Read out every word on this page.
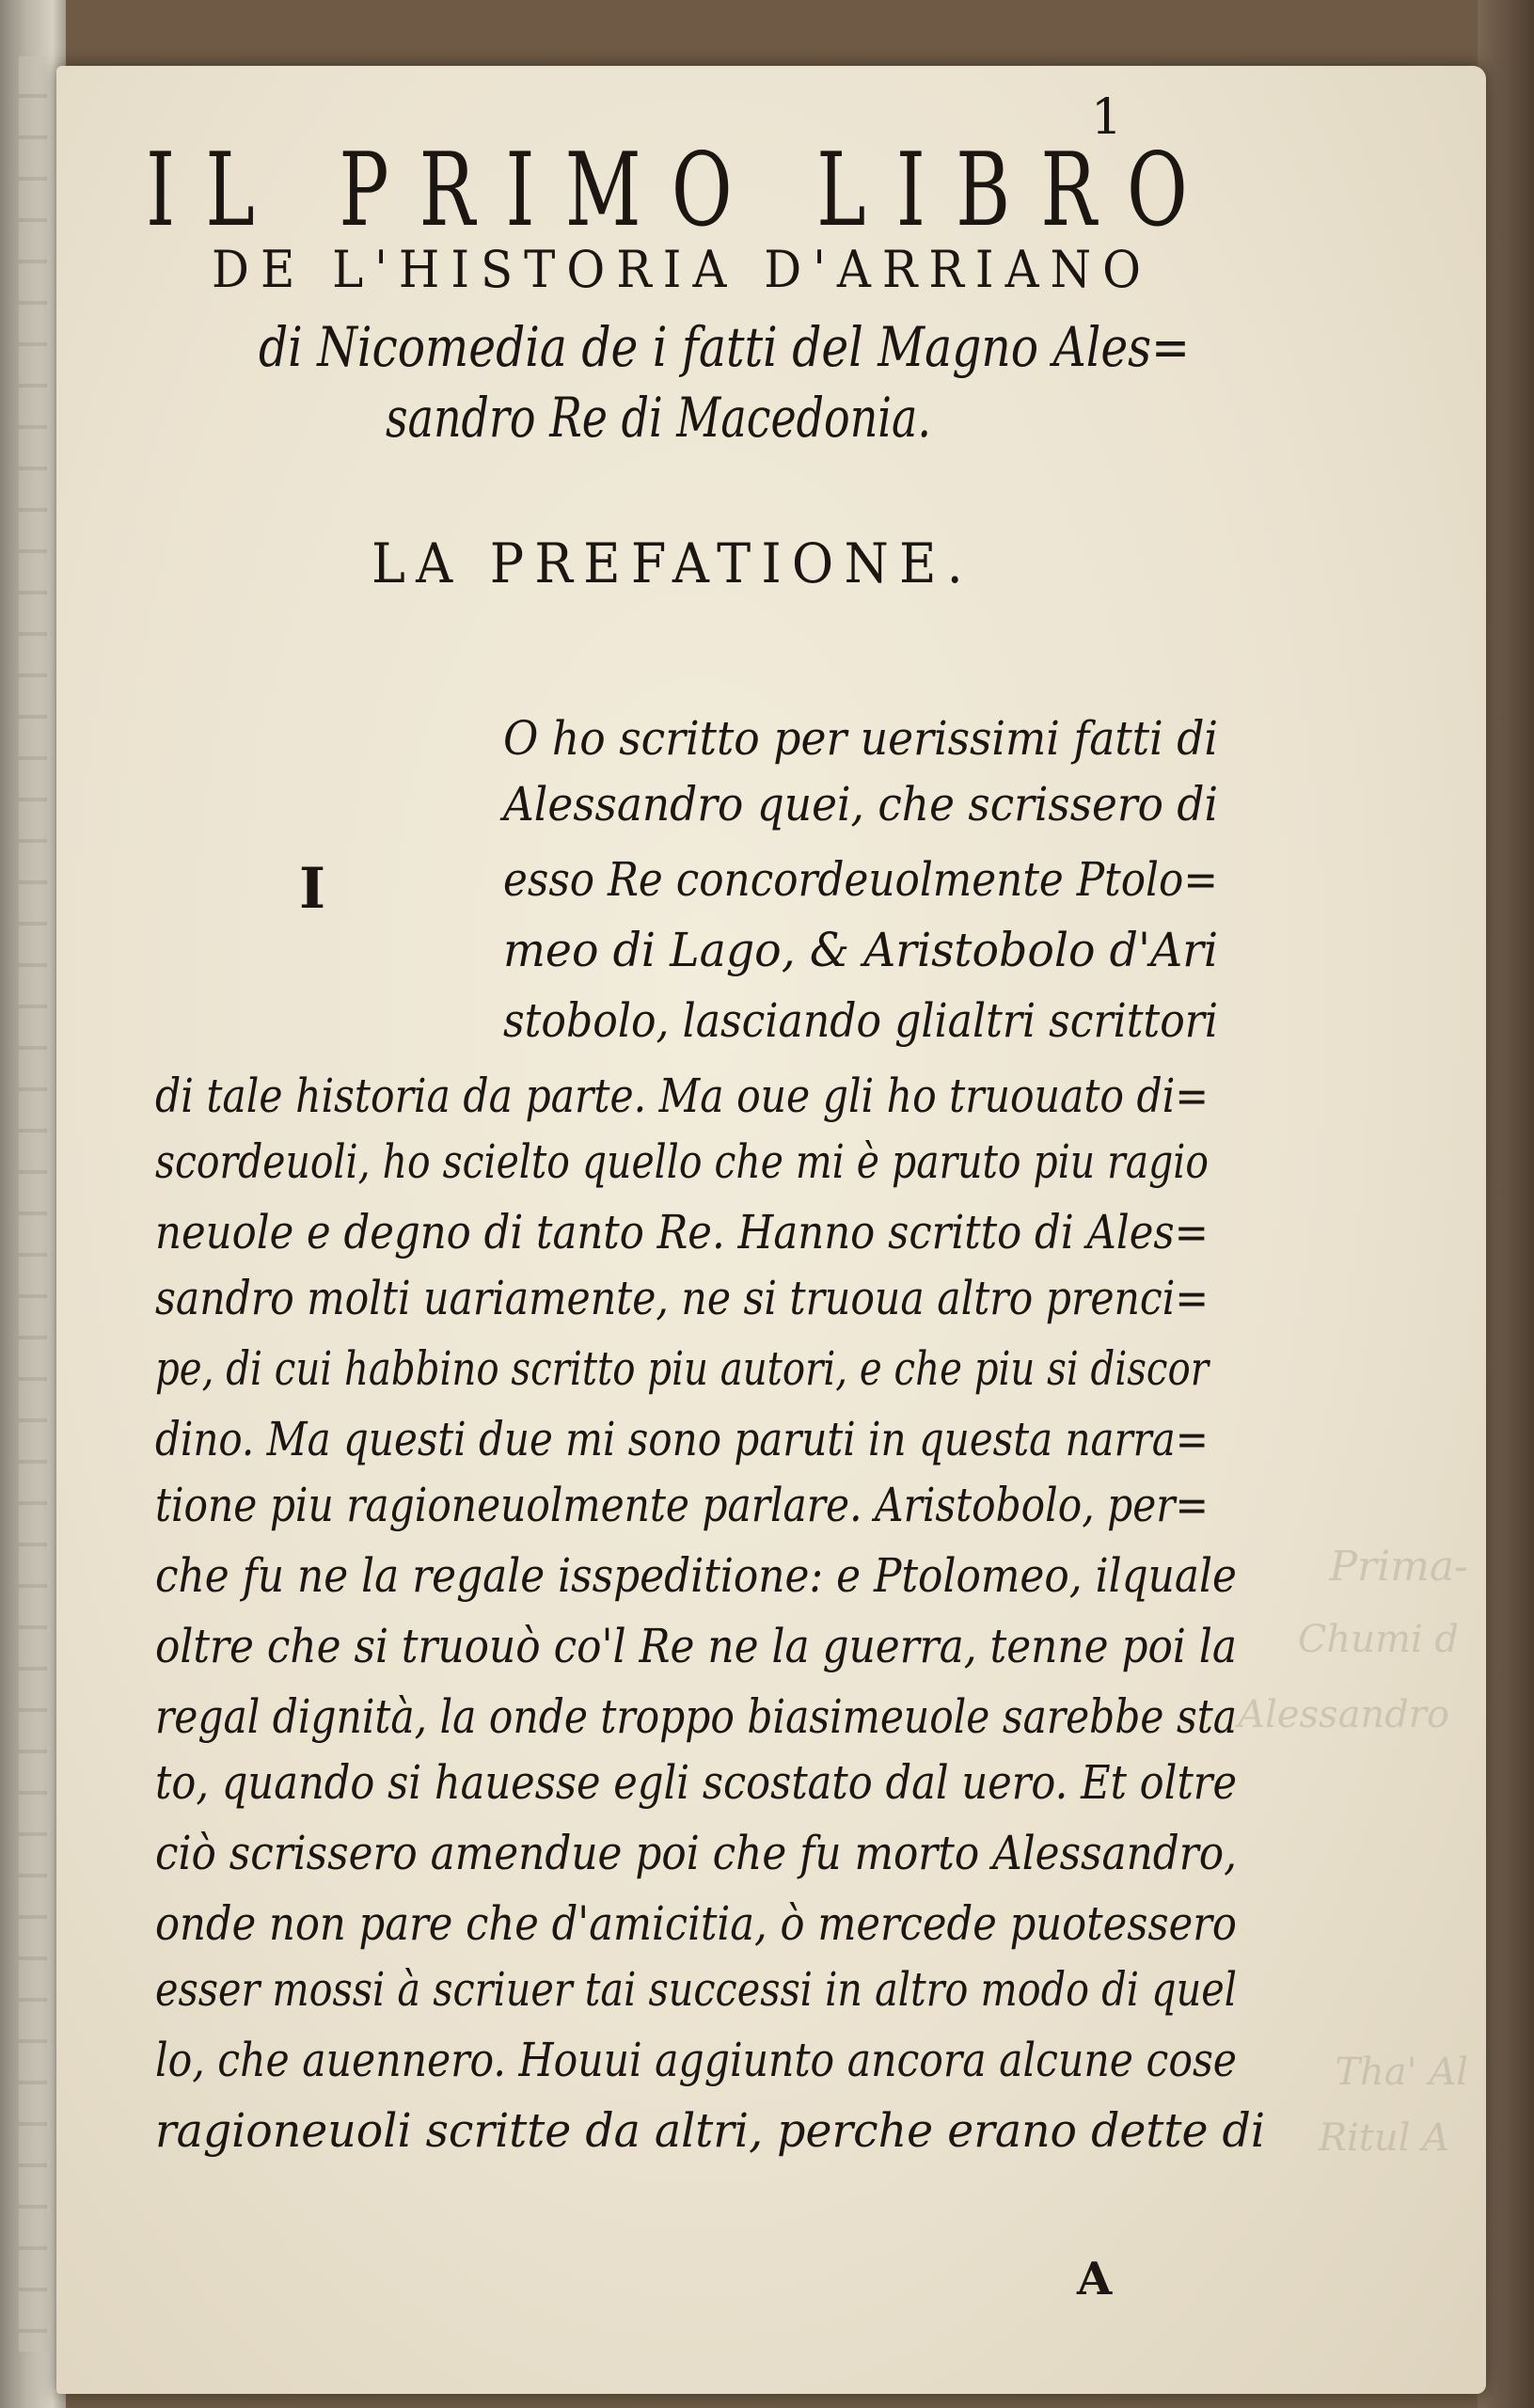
Prima-
Chumi d
Alessandro
Tha' Al
Ritul A
1
IL PRIMO LIBRO
DE L'HISTORIA D'ARRIANO
di Nicomedia de i fatti del Magno Ales=
sandro Re di Macedonia.
LA PREFATIONE.
I
O ho scritto per uerissimi fatti di
Alessandro quei, che scrissero di
esso Re concordeuolmente Ptolo=
meo di Lago, & Aristobolo d'Ari
stobolo, lasciando glialtri scrittori
di tale historia da parte. Ma oue gli ho truouato di=
scordeuoli, ho scielto quello che mi è paruto piu ragio
neuole e degno di tanto Re. Hanno scritto di Ales=
sandro molti uariamente, ne si truoua altro prenci=
pe, di cui habbino scritto piu autori, e che piu si discor
dino. Ma questi due mi sono paruti in questa narra=
tione piu ragioneuolmente parlare. Aristobolo, per=
che fu ne la regale isspeditione: e Ptolomeo, ilquale
oltre che si truouò co'l Re ne la guerra, tenne poi la
regal dignità, la onde troppo biasimeuole sarebbe sta
to, quando si hauesse egli scostato dal uero. Et oltre
ciò scrissero amendue poi che fu morto Alessandro,
onde non pare che d'amicitia, ò mercede puotessero
esser mossi à scriuer tai successi in altro modo di quel
lo, che auennero. Houui aggiunto ancora alcune cose
ragioneuoli scritte da altri, perche erano dette di
A
